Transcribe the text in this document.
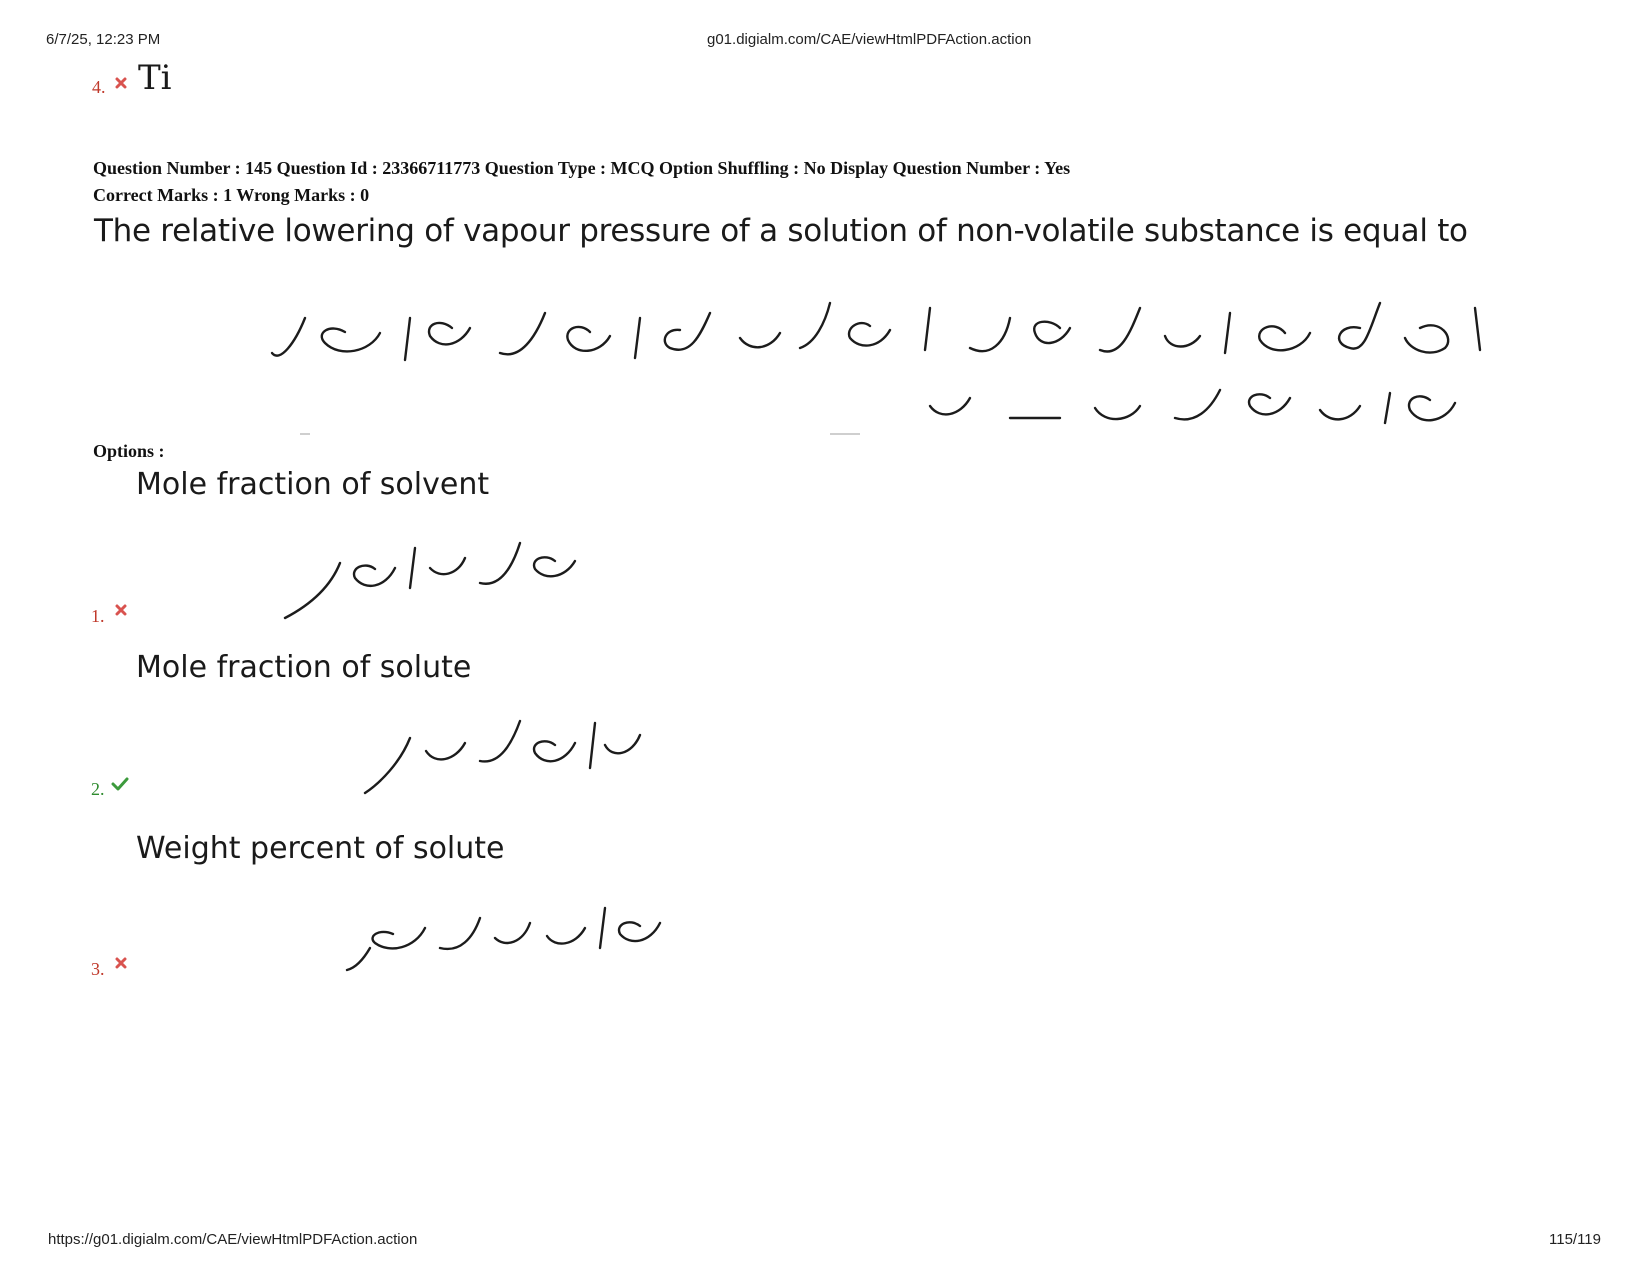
6/7/25, 12:23 PM	g01.digialm.com/CAE/viewHtmlPDFAction.action
4. Ti
Question Number : 145 Question Id : 23366711773 Question Type : MCQ Option Shuffling : No Display Question Number : Yes
Correct Marks : 1 Wrong Marks : 0
The relative lowering of vapour pressure of a solution of non-volatile substance is equal to
Options :
Mole fraction of solvent
1.
Mole fraction of solute
2.
Weight percent of solute
3.
https://g01.digialm.com/CAE/viewHtmlPDFAction.action	115/119
